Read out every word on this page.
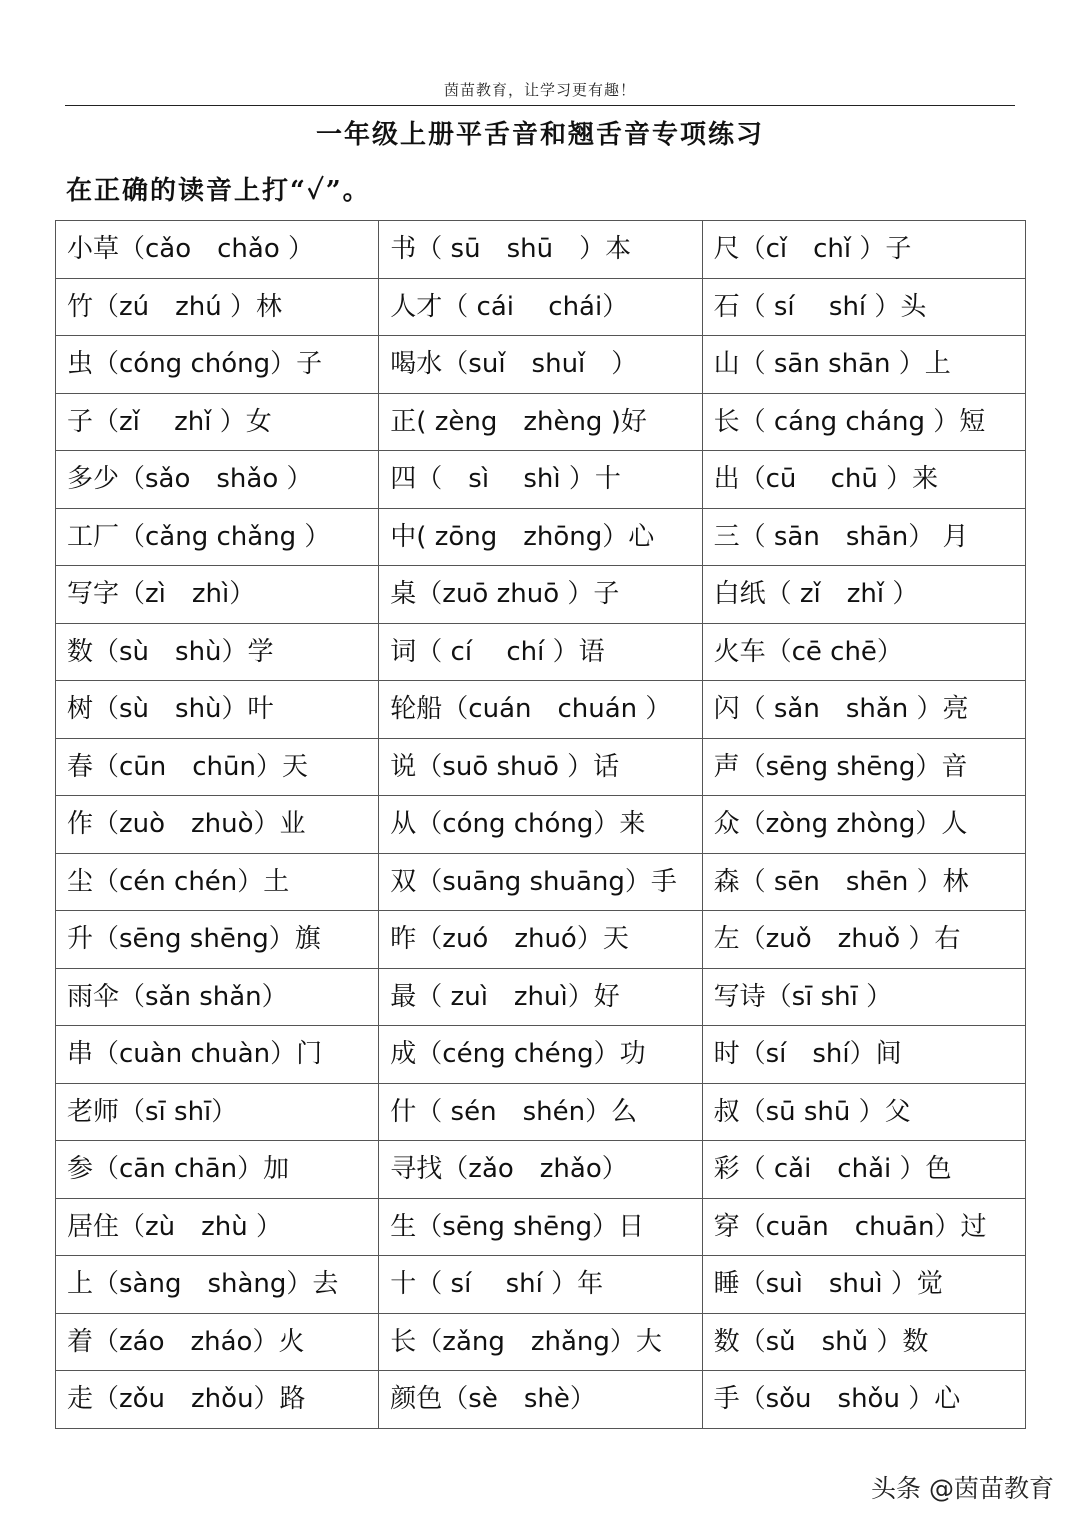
茵苗教育，让学习更有趣！
一年级上册平舌音和翘舌音专项练习
在正确的读音上打“✓”。
小草（cǎo　chǎo ）	书（ sū　shū　）本	尺（cǐ　chǐ ）子
竹（zú　zhú ）林	人才（ cái　 chái）	石（ sí　 shí ）头
虫（cóng chóng）子	喝水（suǐ　shuǐ　）	山（ sān shān ）上
子（zǐ　 zhǐ ）女	正( zèng　zhèng )好	长（ cáng cháng ）短
多少（sǎo　shǎo ）	四（　sì　 shì ）十	出（cū　 chū ）来
工厂（cǎng chǎng ）	中( zōng　zhōng）心	三（ sān　shān） 月
写字（zì　zhì）	桌（zuō zhuō ）子	白纸（ zǐ　zhǐ ）
数（sù　shù）学	词（ cí　 chí ）语	火车（cē chē）
树（sù　shù）叶	轮船（cuán　chuán ）	闪（ sǎn　shǎn ）亮
春（cūn　chūn）天	说（suō shuō ）话	声（sēng shēng）音
作（zuò　zhuò）业	从（cóng chóng）来	众（zòng zhòng）人
尘（cén chén）土	双（suāng shuāng）手	森（ sēn　shēn ）林
升（sēng shēng）旗	昨（zuó　zhuó）天	左（zuǒ　zhuǒ ）右
雨伞（sǎn shǎn）	最（ zuì　zhuì）好	写诗（sī shī ）
串（cuàn chuàn）门	成（céng chéng）功	时（sí　shí）间
老师（sī shī）	什（ sén　shén）么	叔（sū shū ）父
参（cān chān）加	寻找（zǎo　zhǎo）	彩（ cǎi　chǎi ）色
居住（zù　zhù ）	生（sēng shēng）日	穿（cuān　chuān）过
上（sàng　shàng）去	十（ sí　 shí ）年	睡（suì　shuì ）觉
着（záo　zháo）火	长（zǎng　zhǎng）大	数（sǔ　shǔ ）数
走（zǒu　zhǒu）路	颜色（sè　shè）	手（sǒu　shǒu ）心
头条 @茵苗教育
